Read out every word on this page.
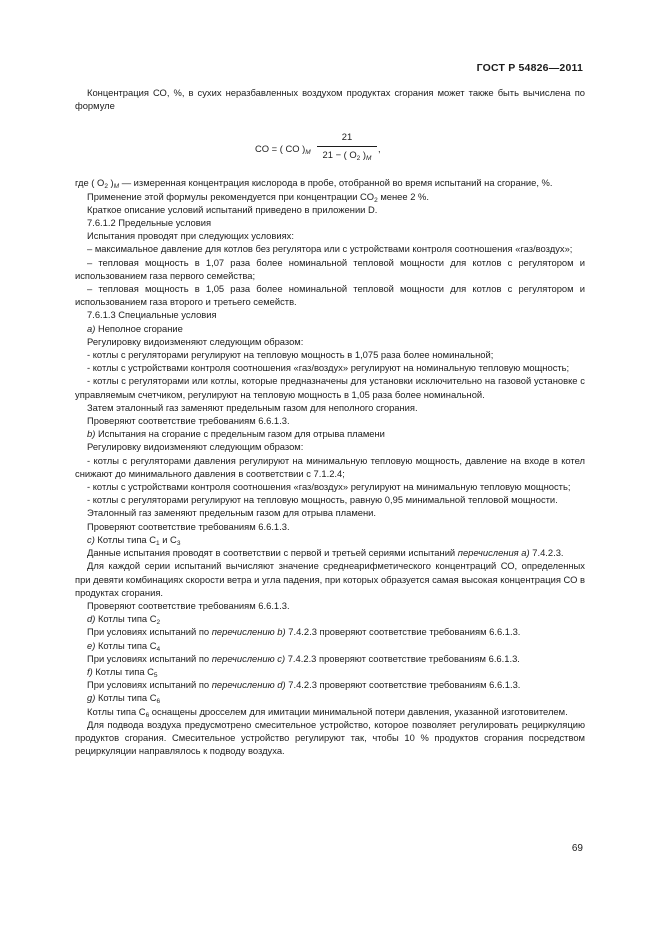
ГОСТ Р 54826—2011

Концентрация СО, %, в сухих неразбавленных воздухом продуктах сгорания может также быть вычислена по формуле

CO = ( CO )$_M \frac{21}{21 - ( O_2 )_M}$ ,

где ( $O_2$ )$_M$ — измеренная концентрация кислорода в пробе, отобранной во время испытаний на сгорание, %.

Применение этой формулы рекомендуется при концентрации $CO_2$ менее 2 %.

Краткое описание условий испытаний приведено в приложении D.

7.6.1.2 Предельные условия

Испытания проводят при следующих условиях:

– максимальное давление для котлов без регулятора или с устройствами контроля соотношения «газ/воздух»;

– тепловая мощность в 1,07 раза более номинальной тепловой мощности для котлов с регулятором и использованием газа первого семейства;

– тепловая мощность в 1,05 раза более номинальной тепловой мощности для котлов с регулятором и использованием газа второго и третьего семейств.

7.6.1.3 Специальные условия

a) Неполное сгорание

Регулировку видоизменяют следующим образом:

- котлы с регуляторами регулируют на тепловую мощность в 1,075 раза более номинальной;

- котлы с устройствами контроля соотношения «газ/воздух» регулируют на номинальную тепловую мощность;

- котлы с регуляторами или котлы, которые предназначены для установки исключительно на газовой установке с управляемым счетчиком, регулируют на тепловую мощность в 1,05 раза более номинальной.

Затем эталонный газ заменяют предельным газом для неполного сгорания.

Проверяют соответствие требованиям 6.6.1.3.

b) Испытания на сгорание с предельным газом для отрыва пламени

Регулировку видоизменяют следующим образом:

- котлы с регуляторами давления регулируют на минимальную тепловую мощность, давление на входе в котел снижают до минимального давления в соответствии с 7.1.2.4;

- котлы с устройствами контроля соотношения «газ/воздух» регулируют на минимальную тепловую мощность;

- котлы с регуляторами регулируют на тепловую мощность, равную 0,95 минимальной тепловой мощности.

Эталонный газ заменяют предельным газом для отрыва пламени.

Проверяют соответствие требованиям 6.6.1.3.

c) Котлы типа $C_1$ и $C_3$

Данные испытания проводят в соответствии с первой и третьей сериями испытаний перечисления a) 7.4.2.3.

Для каждой серии испытаний вычисляют значение среднеарифметического концентраций СО, определенных при девяти комбинациях скорости ветра и угла падения, при которых образуется самая высокая концентрация СО в продуктах сгорания.

Проверяют соответствие требованиям 6.6.1.3.

d) Котлы типа $C_2$

При условиях испытаний по перечислению b) 7.4.2.3 проверяют соответствие требованиям 6.6.1.3.

e) Котлы типа $C_4$

При условиях испытаний по перечислению c) 7.4.2.3 проверяют соответствие требованиям 6.6.1.3.

f) Котлы типа $C_5$

При условиях испытаний по перечислению d) 7.4.2.3 проверяют соответствие требованиям 6.6.1.3.

g) Котлы типа $C_6$

Котлы типа $C_6$ оснащены дросселем для имитации минимальной потери давления, указанной изготовителем.

Для подвода воздуха предусмотрено смесительное устройство, которое позволяет регулировать рециркуляцию продуктов сгорания. Смесительное устройство регулируют так, чтобы 10 % продуктов сгорания посредством рециркуляции направлялось к подводу воздуха.

69
